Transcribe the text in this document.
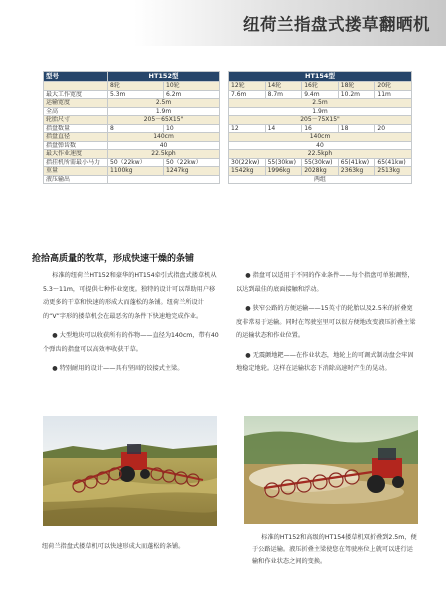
纽荷兰指盘式搂草翻晒机
型号	HT152型	
	8轮	10轮
最大工作宽度	5.3m	6.2m
运输宽度	2.5m	
全高	1.9m	
轮胎尺寸	205－65X15"	
指盘数量	8	10
指盘直径	140cm	
指盘弹齿数	40	
最大作业速度	22.5kph	
指挂机所需最小马力	50（22kw）	50（22kw）
重量	1100kg	1247kg
液压输出		
HT154型				
12轮	14轮	16轮	18轮	20轮
7.6m	8.7m	9.4m	10.2m	11m
2.5m				
1.9m				
205－75X15"				
12	14	16	18	20
140cm				
40				
22.5kph				
30(22kw)	55(30kw)	55(30kw)	65(41kw)	65(41kw)
1542kg	1996kg	2028kg	2363kg	2513kg
两组				
抢拾高质量的牧草，形成快速干燥的条铺

标准的纽荷兰HT152和豪华的HT154牵引式指盘式搂草机从5.3～11m，可提供七种作业宽度。独特的设计可以帮助用户移动更多的干草和快速的形成大而蓬松的条铺。纽荷兰所设计的“V”字形的搂草机会在最恶劣的条件下快速地完成作业。

● 大型地块可以收获所有的作物——直径为140cm，带有40个弹齿的指盘可以高效率收获干草。

● 特别耐用的设计——具有坚固的铰接式主梁。

● 指盘可以适用于不同的作业条件——每个指盘可单独调整，以达到最佳的底面接触和浮动。

● 狭窄公路的方便运输——15英寸的轮胎以及2.5米的折叠宽度非常易于运输。同时在驾驶室里可以很方便地改变液压折叠主梁的运输状态和作业位置。

● 无震颤地耙——在作业状态，地轮上的可调式制动盘会牢固地稳定地轮。这样在运输状态下消除高速时产生的晃动。

纽荷兰指盘式搂草机可以快速形成大而蓬松的条铺。
标准的HT152和高级的HT154搂草机双折叠到2.5m，便于公路运输。液压折叠主梁使您在驾驶座位上就可以进行运输和作业状态之间的变换。
